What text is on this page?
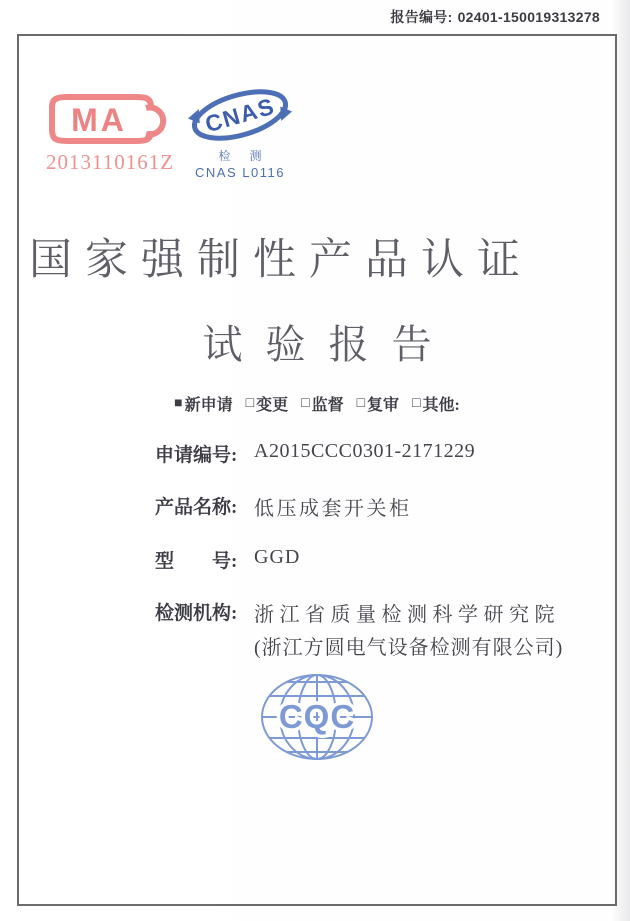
报告编号: 02401-150019313278
MA
2013110161Z
CNAS
检 测
CNAS L0116
国家强制性产品认证
试验报告
■ 新申请 □ 变更 □ 监督 □ 复审 □ 其他:
申请编号: A2015CCC0301-2171229
产品名称: 低压成套开关柜
型　　号: GGD
检测机构: 浙江省质量检测科学研究院
(浙江方圆电气设备检测有限公司)
CQC
